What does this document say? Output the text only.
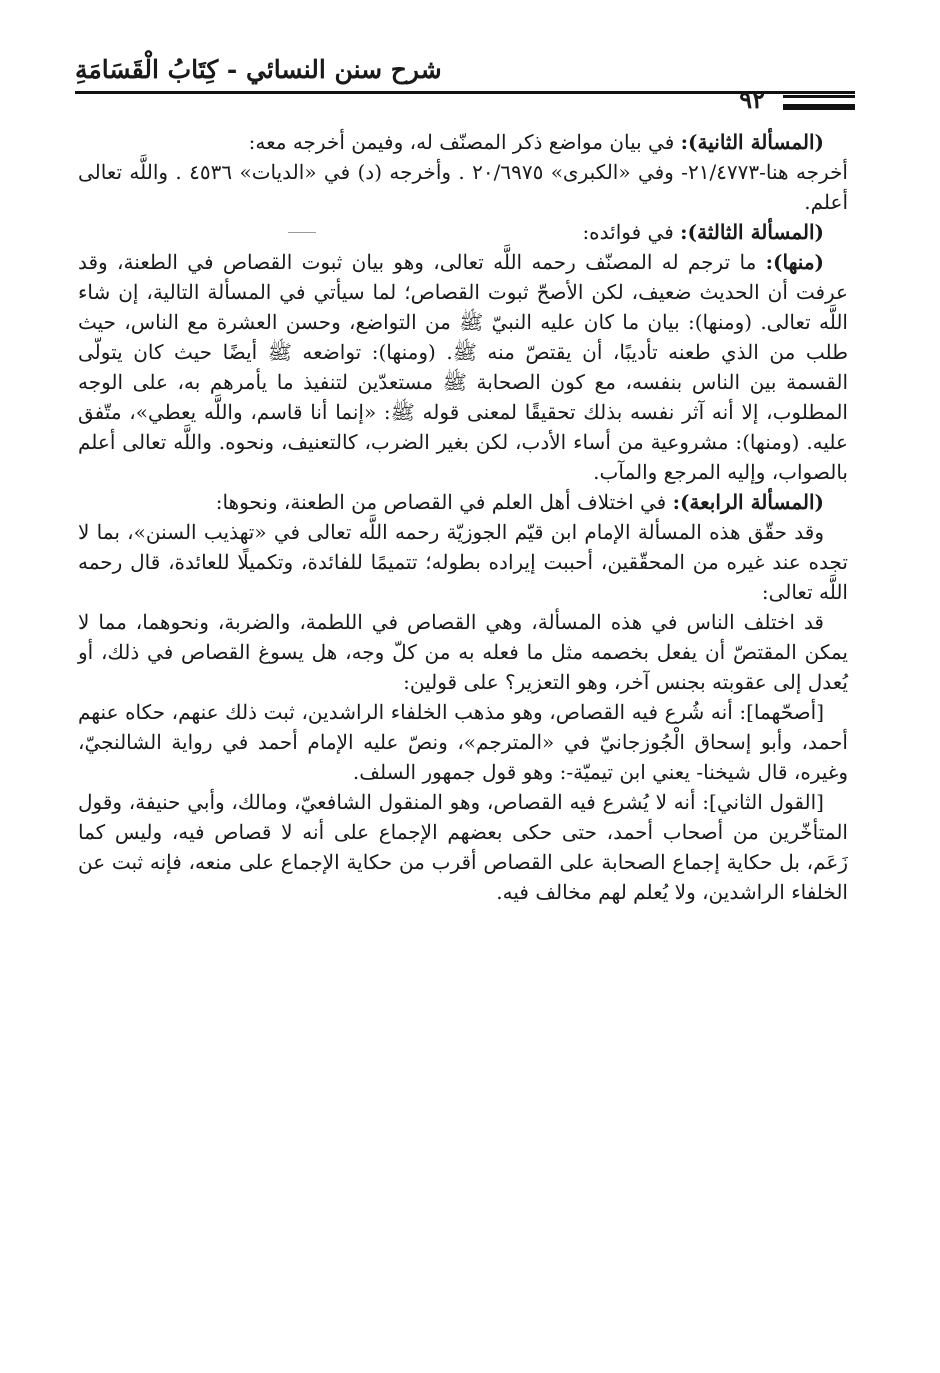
شرح سنن النسائي - كِتَابُ الْقَسَامَةِ
٩٢

(المسألة الثانية): في بيان مواضع ذكر المصنّف له، وفيمن أخرجه معه:

أخرجه هنا-٢١/٤٧٧٣- وفي «الكبرى» ٢٠/٦٩٧٥ . وأخرجه (د) في «الديات» ٤٥٣٦ . واللَّه تعالى أعلم.

(المسألة الثالثة): في فوائده:

(منها): ما ترجم له المصنّف رحمه اللَّه تعالى، وهو بيان ثبوت القصاص في الطعنة، وقد عرفت أن الحديث ضعيف، لكن الأصحّ ثبوت القصاص؛ لما سيأتي في المسألة التالية، إن شاء اللَّه تعالى. (ومنها): بيان ما كان عليه النبيّ ﷺ من التواضع، وحسن العشرة مع الناس، حيث طلب من الذي طعنه تأديبًا، أن يقتصّ منه ﷺ. (ومنها): تواضعه ﷺ أيضًا حيث كان يتولّى القسمة بين الناس بنفسه، مع كون الصحابة ﷺ مستعدّين لتنفيذ ما يأمرهم به، على الوجه المطلوب، إلا أنه آثر نفسه بذلك تحقيقًا لمعنى قوله ﷺ: «إنما أنا قاسم، واللَّه يعطي»، متّفق عليه. (ومنها): مشروعية من أساء الأدب، لكن بغير الضرب، كالتعنيف، ونحوه. واللَّه تعالى أعلم بالصواب، وإليه المرجع والمآب.

(المسألة الرابعة): في اختلاف أهل العلم في القصاص من الطعنة، ونحوها:

وقد حقّق هذه المسألة الإمام ابن قيّم الجوزيّة رحمه اللَّه تعالى في «تهذيب السنن»، بما لا تجده عند غيره من المحقّقين، أحببت إيراده بطوله؛ تتميمًا للفائدة، وتكميلًا للعائدة، قال رحمه اللَّه تعالى:

قد اختلف الناس في هذه المسألة، وهي القصاص في اللطمة، والضربة، ونحوهما، مما لا يمكن المقتصّ أن يفعل بخصمه مثل ما فعله به من كلّ وجه، هل يسوغ القصاص في ذلك، أو يُعدل إلى عقوبته بجنس آخر، وهو التعزير؟ على قولين:

[أصحّهما]: أنه شُرع فيه القصاص، وهو مذهب الخلفاء الراشدين، ثبت ذلك عنهم، حكاه عنهم أحمد، وأبو إسحاق الْجُوزجانيّ في «المترجم»، ونصّ عليه الإمام أحمد في رواية الشالنجيّ، وغيره، قال شيخنا- يعني ابن تيميّة-: وهو قول جمهور السلف.

[القول الثاني]: أنه لا يُشرع فيه القصاص، وهو المنقول الشافعيّ، ومالك، وأبي حنيفة، وقول المتأخّرين من أصحاب أحمد، حتى حكى بعضهم الإجماع على أنه لا قصاص فيه، وليس كما زَعَم، بل حكاية إجماع الصحابة على القصاص أقرب من حكاية الإجماع على منعه، فإنه ثبت عن الخلفاء الراشدين، ولا يُعلم لهم مخالف فيه.
